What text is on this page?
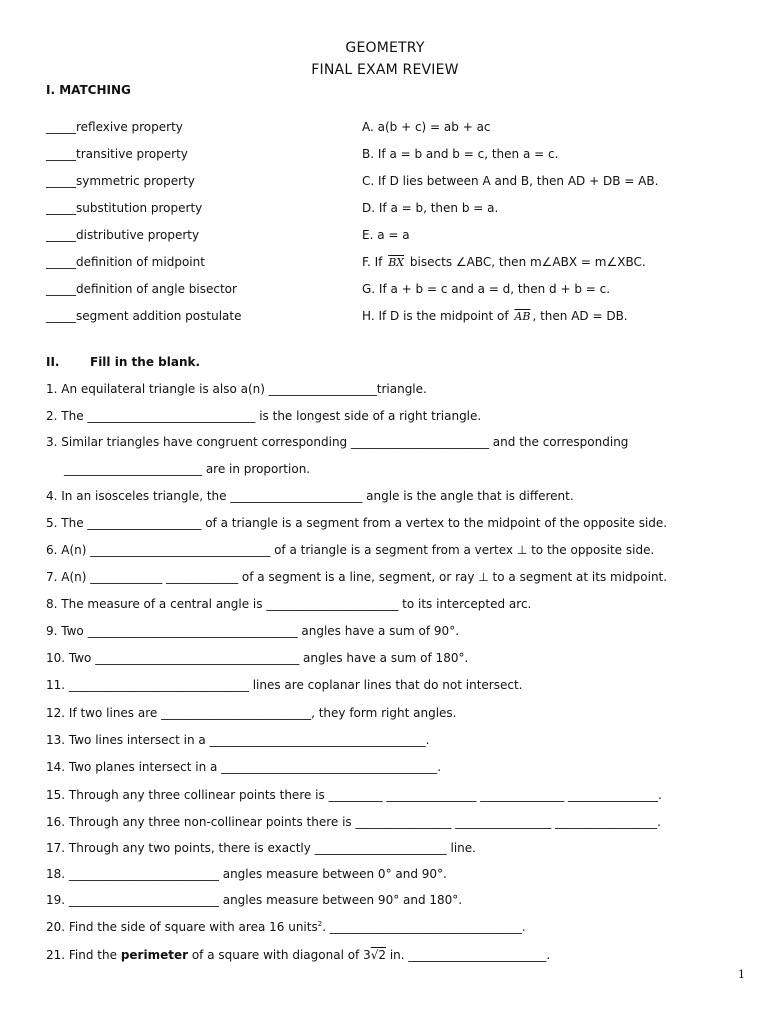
GEOMETRY
FINAL EXAM REVIEW
I. MATCHING
_____reflexive property	A. a(b + c) = ab + ac
_____transitive property	B. If a = b and b = c, then a = c.
_____symmetric property	C. If D lies between A and B, then AD + DB = AB.
_____substitution property	D. If a = b, then b = a.
_____distributive property	E. a = a
_____definition of midpoint	F. If $\overline{BX}$ bisects ∠ABC, then m∠ABX = m∠XBC.
_____definition of angle bisector	G. If a + b = c and a = d, then d + b = c.
_____segment addition postulate	H. If D is the midpoint of $\overline{AB}$ , then AD = DB.
II.	Fill in the blank.
1. An equilateral triangle is also a(n) __________________triangle.
2. The ____________________________ is the longest side of a right triangle.
3. Similar triangles have congruent corresponding _______________________ and the corresponding
_______________________ are in proportion.
4. In an isosceles triangle, the ______________________ angle is the angle that is different.
5. The ___________________ of a triangle is a segment from a vertex to the midpoint of the opposite side.
6. A(n) ______________________________ of a triangle is a segment from a vertex ⊥ to the opposite side.
7. A(n) ____________ ____________ of a segment is a line, segment, or ray ⊥ to a segment at its midpoint.
8. The measure of a central angle is ______________________ to its intercepted arc.
9. Two ___________________________________ angles have a sum of 90°.
10. Two __________________________________ angles have a sum of 180°.
11. ______________________________ lines are coplanar lines that do not intersect.
12. If two lines are _________________________, they form right angles.
13. Two lines intersect in a ____________________________________.
14. Two planes intersect in a ____________________________________.
15. Through any three collinear points there is _________ _______________ ______________ _______________.
16. Through any three non-collinear points there is ________________ ________________ _________________.
17. Through any two points, there is exactly ______________________ line.
18. _________________________ angles measure between 0° and 90°.
19. _________________________ angles measure between 90° and 180°.
20. Find the side of square with area 16 units$^2$. ________________________________.
21. Find the perimeter of a square with diagonal of 3√2 in. _______________________.
1
